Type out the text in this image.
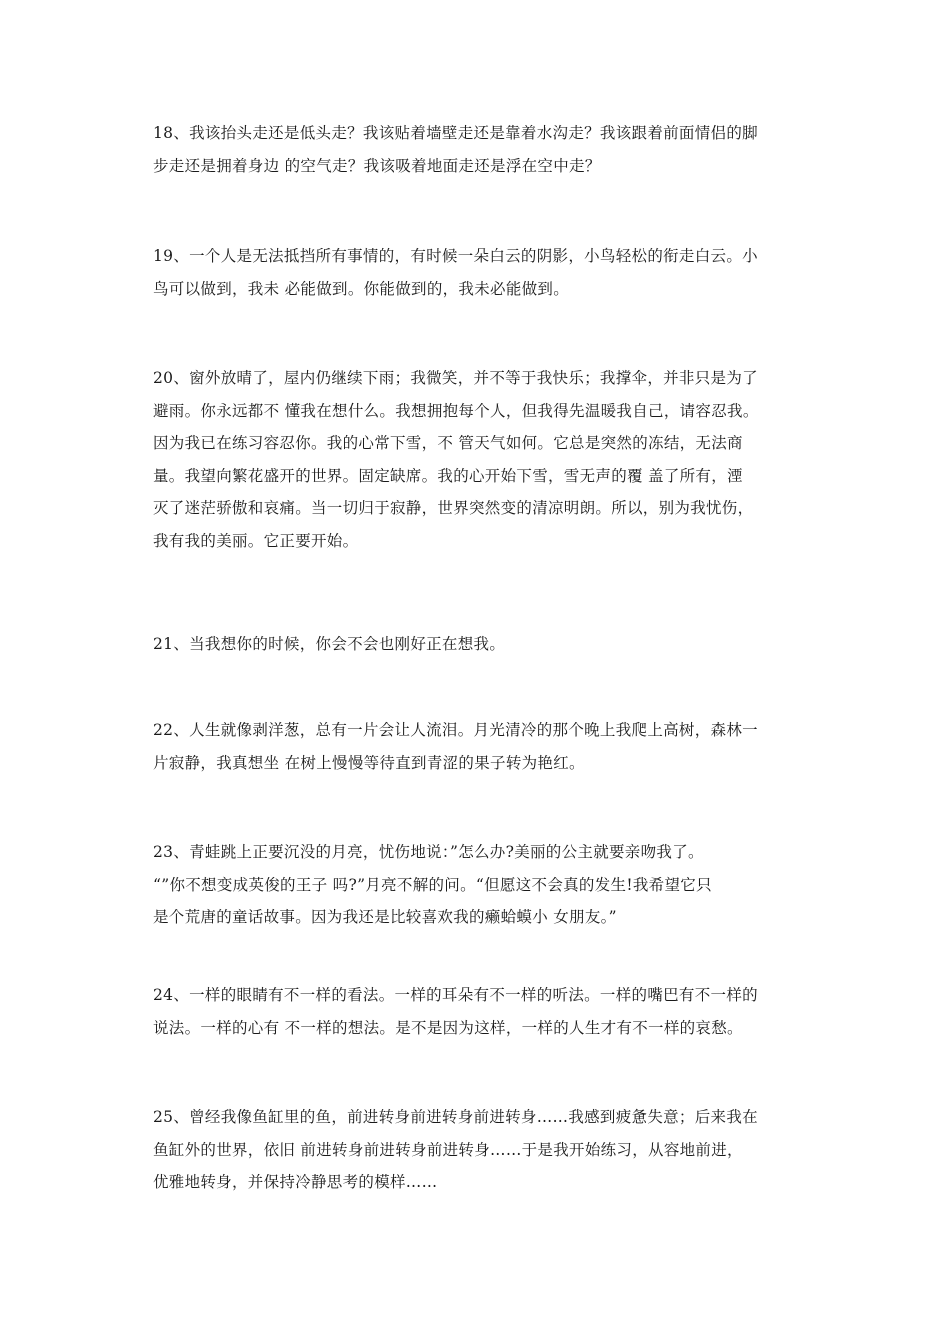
18、我该抬头走还是低头走？我该贴着墙壁走还是靠着水沟走？我该跟着前面情侣的脚
步走还是拥着身边 的空气走？我该吸着地面走还是浮在空中走？

19、一个人是无法抵挡所有事情的，有时候一朵白云的阴影，小鸟轻松的衔走白云。小
鸟可以做到，我未 必能做到。你能做到的，我未必能做到。

20、窗外放晴了，屋内仍继续下雨；我微笑，并不等于我快乐；我撑伞，并非只是为了
避雨。你永远都不 懂我在想什么。我想拥抱每个人，但我得先温暖我自己，请容忍我。
因为我已在练习容忍你。我的心常下雪，不 管天气如何。它总是突然的冻结，无法商
量。我望向繁花盛开的世界。固定缺席。我的心开始下雪，雪无声的覆 盖了所有，湮
灭了迷茫骄傲和哀痛。当一切归于寂静，世界突然变的清凉明朗。所以，别为我忧伤，
我有我的美丽。它正要开始。

21、当我想你的时候，你会不会也刚好正在想我。

22、人生就像剥洋葱，总有一片会让人流泪。月光清冷的那个晚上我爬上高树，森林一
片寂静，我真想坐 在树上慢慢等待直到青涩的果子转为艳红。

23、青蛙跳上正要沉没的月亮，忧伤地说：”怎么办?美丽的公主就要亲吻我了。
“”你不想变成英俊的王子 吗?”月亮不解的问。“但愿这不会真的发生!我希望它只
是个荒唐的童话故事。因为我还是比较喜欢我的癞蛤蟆小 女朋友。”

24、一样的眼睛有不一样的看法。一样的耳朵有不一样的听法。一样的嘴巴有不一样的
说法。一样的心有 不一样的想法。是不是因为这样，一样的人生才有不一样的哀愁。

25、曾经我像鱼缸里的鱼，前进转身前进转身前进转身……我感到疲惫失意；后来我在
鱼缸外的世界，依旧 前进转身前进转身前进转身……于是我开始练习，从容地前进，
优雅地转身，并保持冷静思考的模样……
